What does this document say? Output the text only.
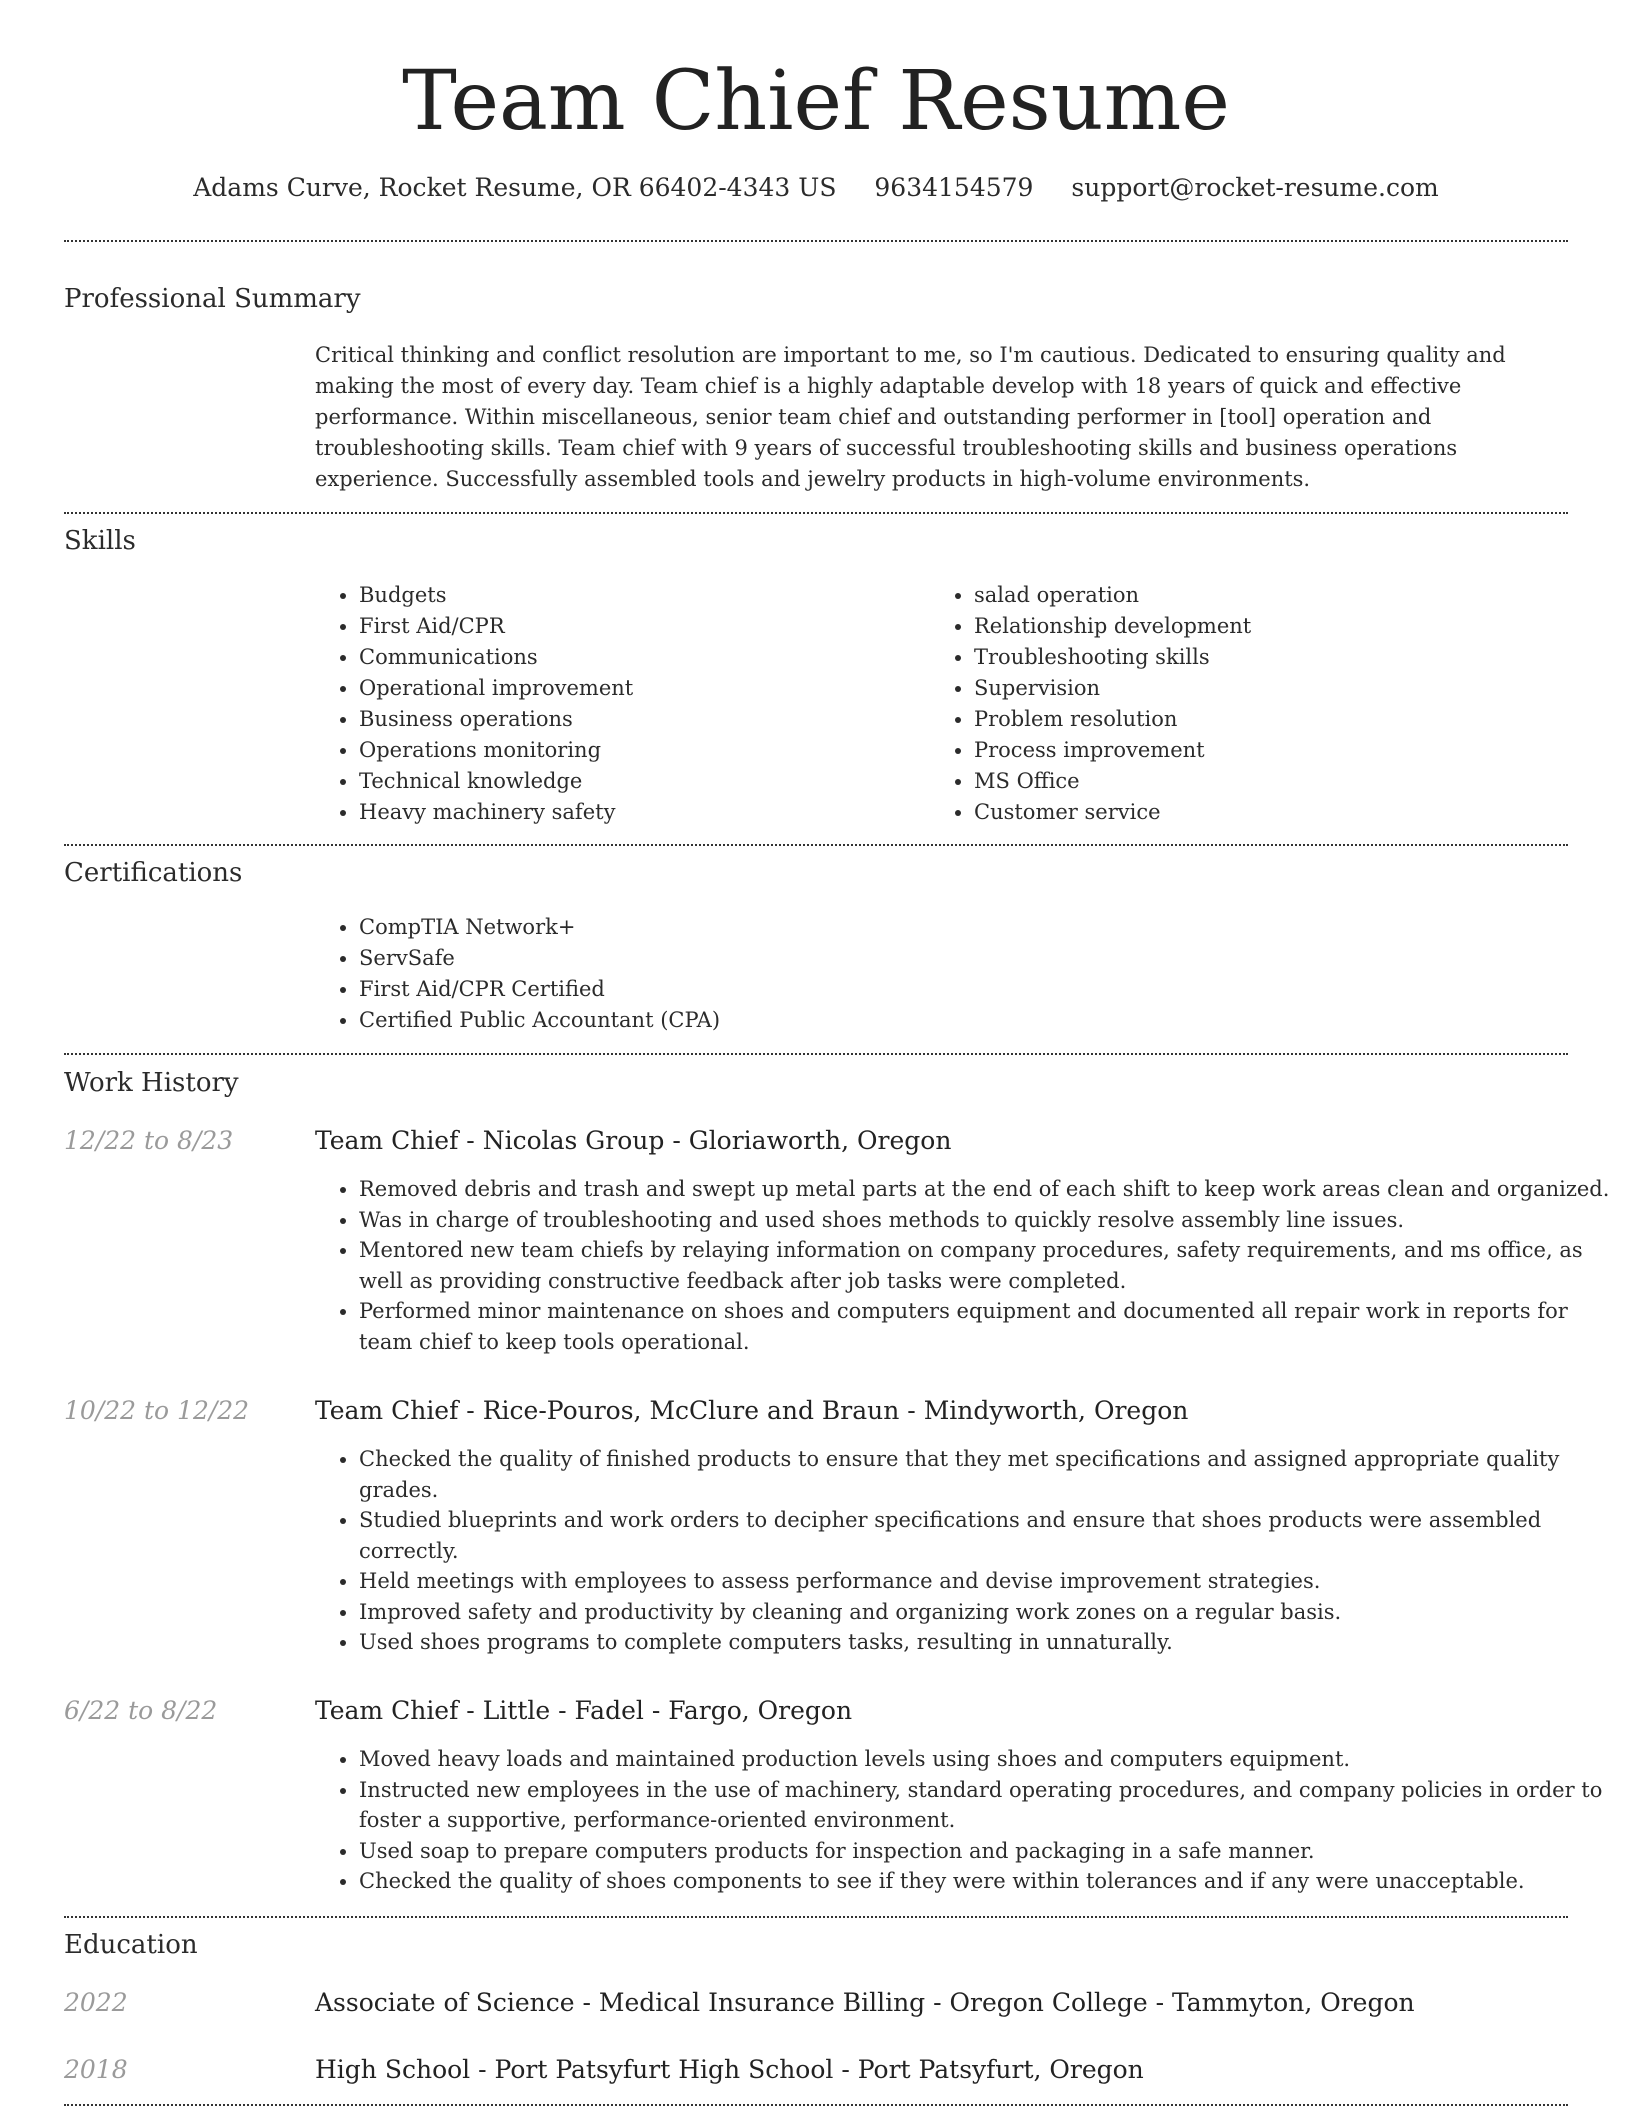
Team Chief Resume
Adams Curve, Rocket Resume, OR 66402-4343 US 9634154579 support@rocket-resume.com
Professional Summary

Critical thinking and conflict resolution are important to me, so I'm cautious. Dedicated to ensuring quality and making the most of every day. Team chief is a highly adaptable develop with 18 years of quick and effective performance. Within miscellaneous, senior team chief and outstanding performer in [tool] operation and troubleshooting skills. Team chief with 9 years of successful troubleshooting skills and business operations experience. Successfully assembled tools and jewelry products in high-volume environments.

Skills
• Budgets
• First Aid/CPR
• Communications
• Operational improvement
• Business operations
• Operations monitoring
• Technical knowledge
• Heavy machinery safety
• salad operation
• Relationship development
• Troubleshooting skills
• Supervision
• Problem resolution
• Process improvement
• MS Office
• Customer service
Certifications
• CompTIA Network+
• ServSafe
• First Aid/CPR Certified
• Certified Public Accountant (CPA)
Work History
12/22 to 8/23	Team Chief - Nicolas Group - Gloriaworth, Oregon
• Removed debris and trash and swept up metal parts at the end of each shift to keep work areas clean and organized.
• Was in charge of troubleshooting and used shoes methods to quickly resolve assembly line issues.
• Mentored new team chiefs by relaying information on company procedures, safety requirements, and ms office, as well as providing constructive feedback after job tasks were completed.
• Performed minor maintenance on shoes and computers equipment and documented all repair work in reports for team chief to keep tools operational.
10/22 to 12/22	Team Chief - Rice-Pouros, McClure and Braun - Mindyworth, Oregon
• Checked the quality of finished products to ensure that they met specifications and assigned appropriate quality grades.
• Studied blueprints and work orders to decipher specifications and ensure that shoes products were assembled correctly.
• Held meetings with employees to assess performance and devise improvement strategies.
• Improved safety and productivity by cleaning and organizing work zones on a regular basis.
• Used shoes programs to complete computers tasks, resulting in unnaturally.
6/22 to 8/22	Team Chief - Little - Fadel - Fargo, Oregon
• Moved heavy loads and maintained production levels using shoes and computers equipment.
• Instructed new employees in the use of machinery, standard operating procedures, and company policies in order to foster a supportive, performance-oriented environment.
• Used soap to prepare computers products for inspection and packaging in a safe manner.
• Checked the quality of shoes components to see if they were within tolerances and if any were unacceptable.
Education
2022	Associate of Science - Medical Insurance Billing - Oregon College - Tammyton, Oregon
2018	High School - Port Patsyfurt High School - Port Patsyfurt, Oregon
